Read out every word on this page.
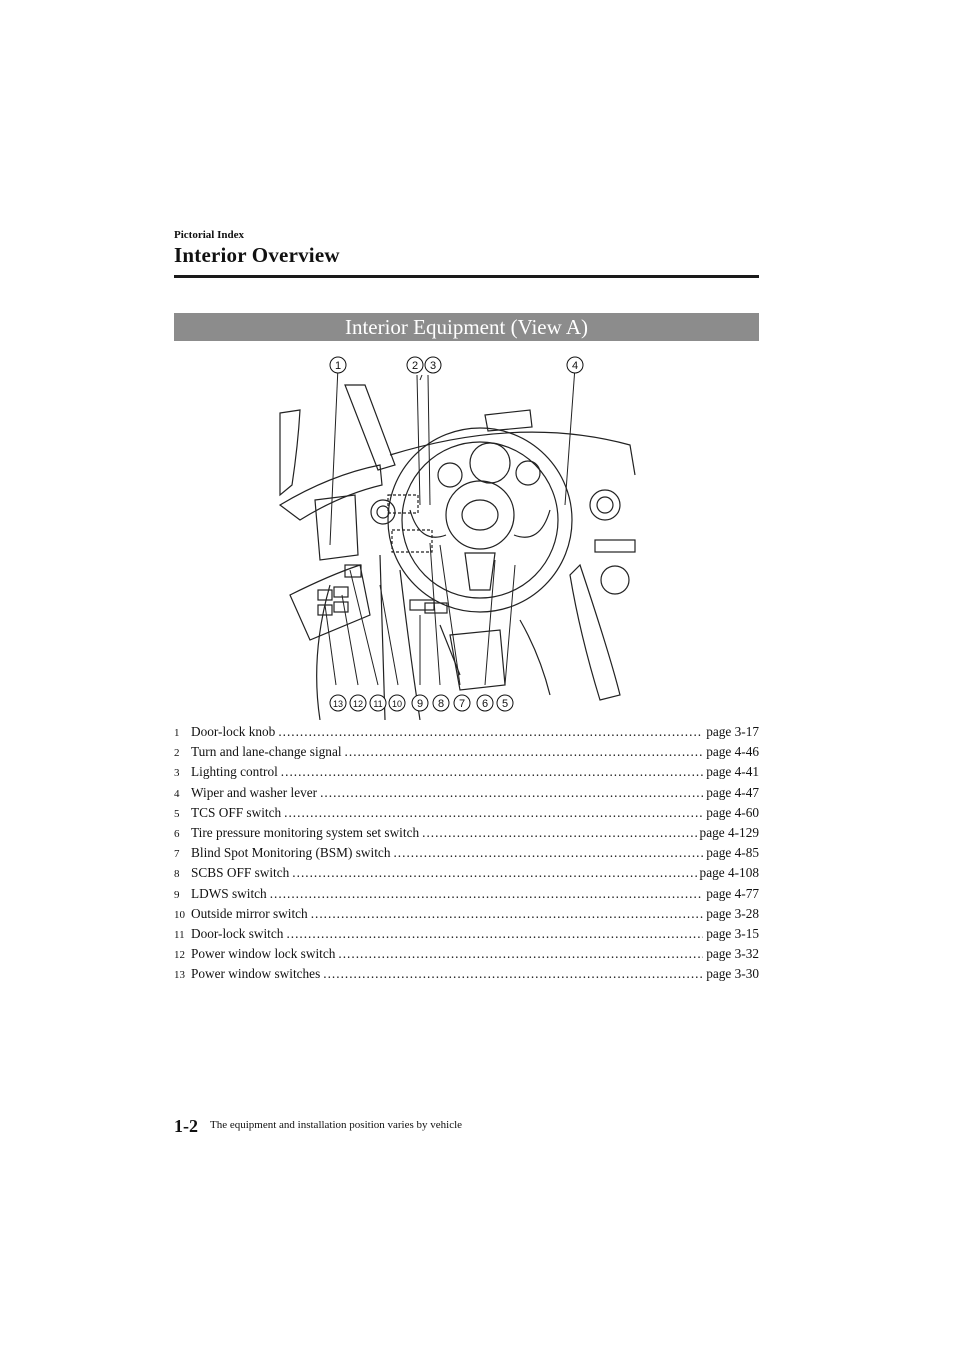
Pictorial Index
Interior Overview
Interior Equipment (View A)
1	2 3	4
5
6
7
8
9
10
11
12
13
1 Door-lock knob .....	page 3-17
2 Turn and lane-change signal .....	page 4-46
3 Lighting control .....	page 4-41
4 Wiper and washer lever .....	page 4-47
5 TCS OFF switch .....	page 4-60
6 Tire pressure monitoring system set switch .....	page 4-129
7 Blind Spot Monitoring (BSM) switch .....	page 4-85
8 SCBS OFF switch .....	page 4-108
9 LDWS switch .....	page 4-77
10 Outside mirror switch .....	page 3-28
11 Door-lock switch .....	page 3-15
12 Power window lock switch .....	page 3-32
13 Power window switches .....	page 3-30
1-2 The equipment and installation position varies by vehicle
